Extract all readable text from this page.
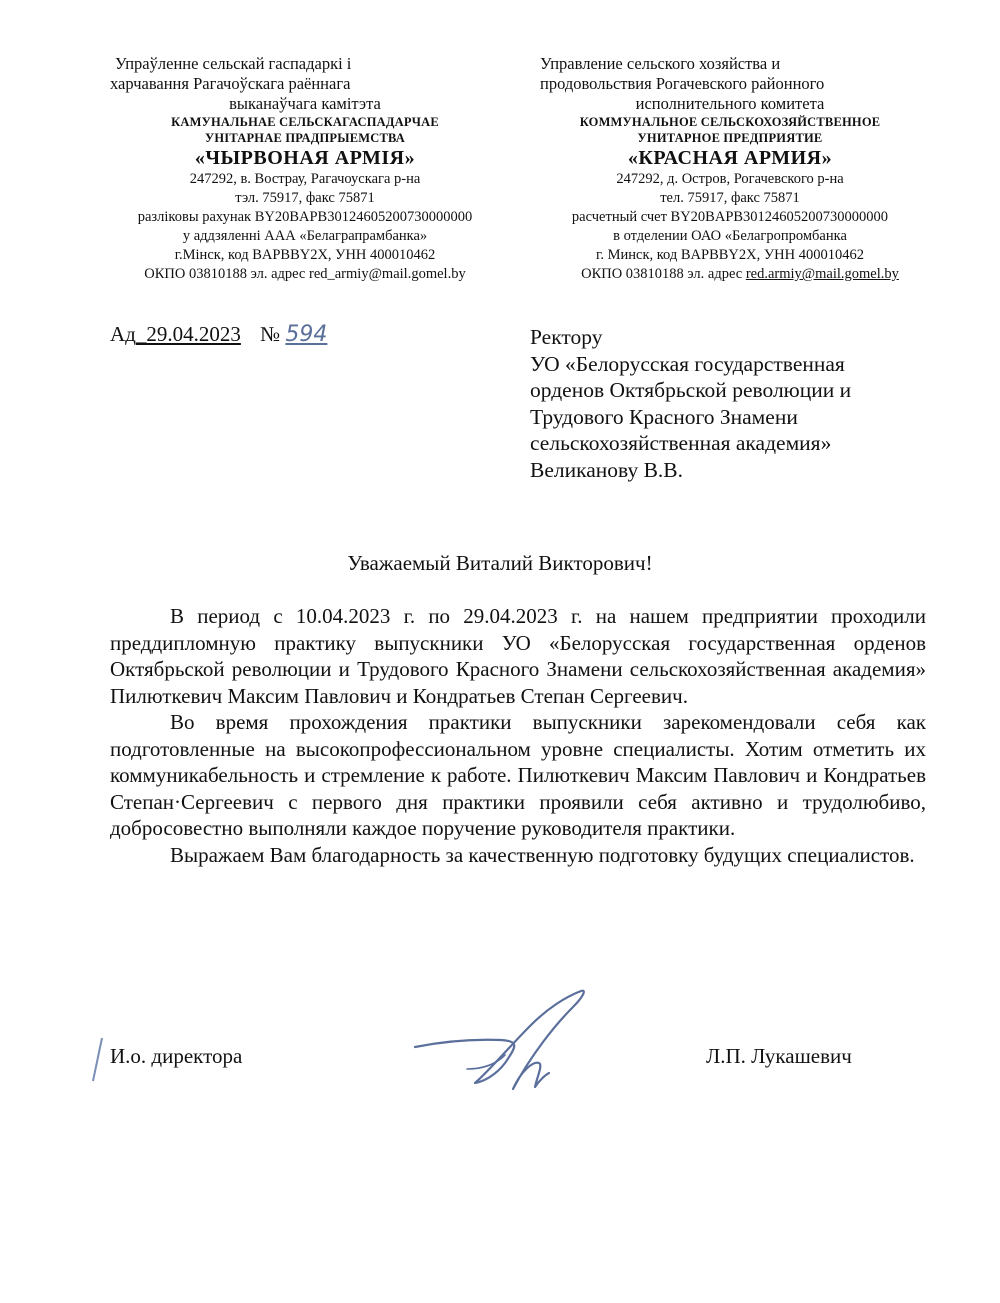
Упраўленне сельскай гаспадаркі і
харчавання Рагачоўскага раённага
выканаўчага камітэта
КАМУНАЛЬНАЕ СЕЛЬСКАГАСПАДАРЧАЕ
УНІТАРНАЕ ПРАДПРЫЕМСТВА
«ЧЫРВОНАЯ АРМІЯ»
247292, в. Вострау, Рагачоускага р-на
тэл. 75917, факс 75871
разліковы рахунак BY20BAPB30124605200730000000
у аддзяленні ААА «Белаграпрамбанка»
г.Мінск, код BAPBBY2X, УНН 400010462
ОКПО 03810188 эл. адрес red_armiy@mail.gomel.by
Управление сельского хозяйства и
продовольствия Рогачевского районного
исполнительного комитета
КОММУНАЛЬНОЕ СЕЛЬСКОХОЗЯЙСТВЕННОЕ
УНИТАРНОЕ ПРЕДПРИЯТИЕ
«КРАСНАЯ АРМИЯ»
247292, д. Остров, Рогачевского р-на
тел. 75917, факс 75871
расчетный счет BY20BAPB30124605200730000000
в отделении ОАО «Белагропромбанка
г. Минск, код BAPBBY2X, УНН 400010462
ОКПО 03810188 эл. адрес red.armiy@mail.gomel.by
Ад_29.04.2023 № 594	Ректору
УО «Белорусская государственная
орденов Октябрьской революции и
Трудового Красного Знамени
сельскохозяйственная академия»
Великанову В.В.
Уважаемый Виталий Викторович!

В период с 10.04.2023 г. по 29.04.2023 г. на нашем предприятии проходили преддипломную практику выпускники УО «Белорусская государственная орденов Октябрьской революции и Трудового Красного Знамени сельскохозяйственная академия» Пилюткевич Максим Павлович и Кондратьев Степан Сергеевич.

Во время прохождения практики выпускники зарекомендовали себя как подготовленные на высокопрофессиональном уровне специалисты. Хотим отметить их коммуникабельность и стремление к работе. Пилюткевич Максим Павлович и Кондратьев Степан·Сергеевич с первого дня практики проявили себя активно и трудолюбиво, добросовестно выполняли каждое поручение руководителя практики.

Выражаем Вам благодарность за качественную подготовку будущих специалистов.

И.о. директора	Л.П. Лукашевич
